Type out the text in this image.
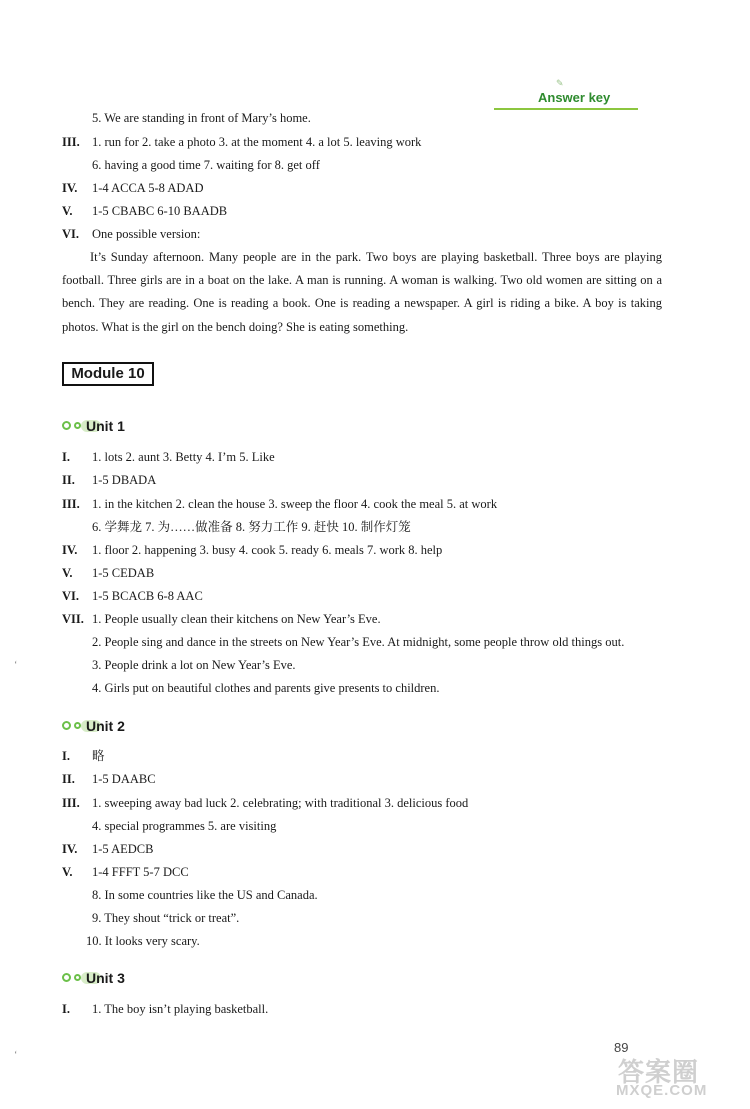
✎
Answer key
5. We are standing in front of Mary’s home.
III. 1. run for 2. take a photo 3. at the moment 4. a lot 5. leaving work
6. having a good time 7. waiting for 8. get off
IV. 1-4 ACCA 5-8 ADAD
V. 1-5 CBABC 6-10 BAADB
VI. One possible version:
It’s Sunday afternoon. Many people are in the park. Two boys are playing basketball. Three boys are playing football. Three girls are in a boat on the lake. A man is running. A woman is walking. Two old women are sitting on a bench. They are reading. One is reading a book. One is reading a newspaper. A girl is riding a bike. A boy is taking photos. What is the girl on the bench doing? She is eating something.
Module 10
Unit 1
I. 1. lots 2. aunt 3. Betty 4. I’m 5. Like
II. 1-5 DBADA
III. 1. in the kitchen 2. clean the house 3. sweep the floor 4. cook the meal 5. at work
6. 学舞龙 7. 为……做准备 8. 努力工作 9. 赶快 10. 制作灯笼
IV. 1. floor 2. happening 3. busy 4. cook 5. ready 6. meals 7. work 8. help
V. 1-5 CEDAB
VI. 1-5 BCACB 6-8 AAC
VII. 1. People usually clean their kitchens on New Year’s Eve.
2. People sing and dance in the streets on New Year’s Eve. At midnight, some people throw old things out.
3. People drink a lot on New Year’s Eve.
4. Girls put on beautiful clothes and parents give presents to children.
Unit 2
I. 略
II. 1-5 DAABC
III. 1. sweeping away bad luck 2. celebrating; with traditional 3. delicious food
4. special programmes 5. are visiting
IV. 1-5 AEDCB
V. 1-4 FFFT 5-7 DCC
8. In some countries like the US and Canada.
9. They shout “trick or treat”.
10. It looks very scary.
Unit 3
I. 1. The boy isn’t playing basketball.
89
答案圈
MXQE.COM
‘
‘
